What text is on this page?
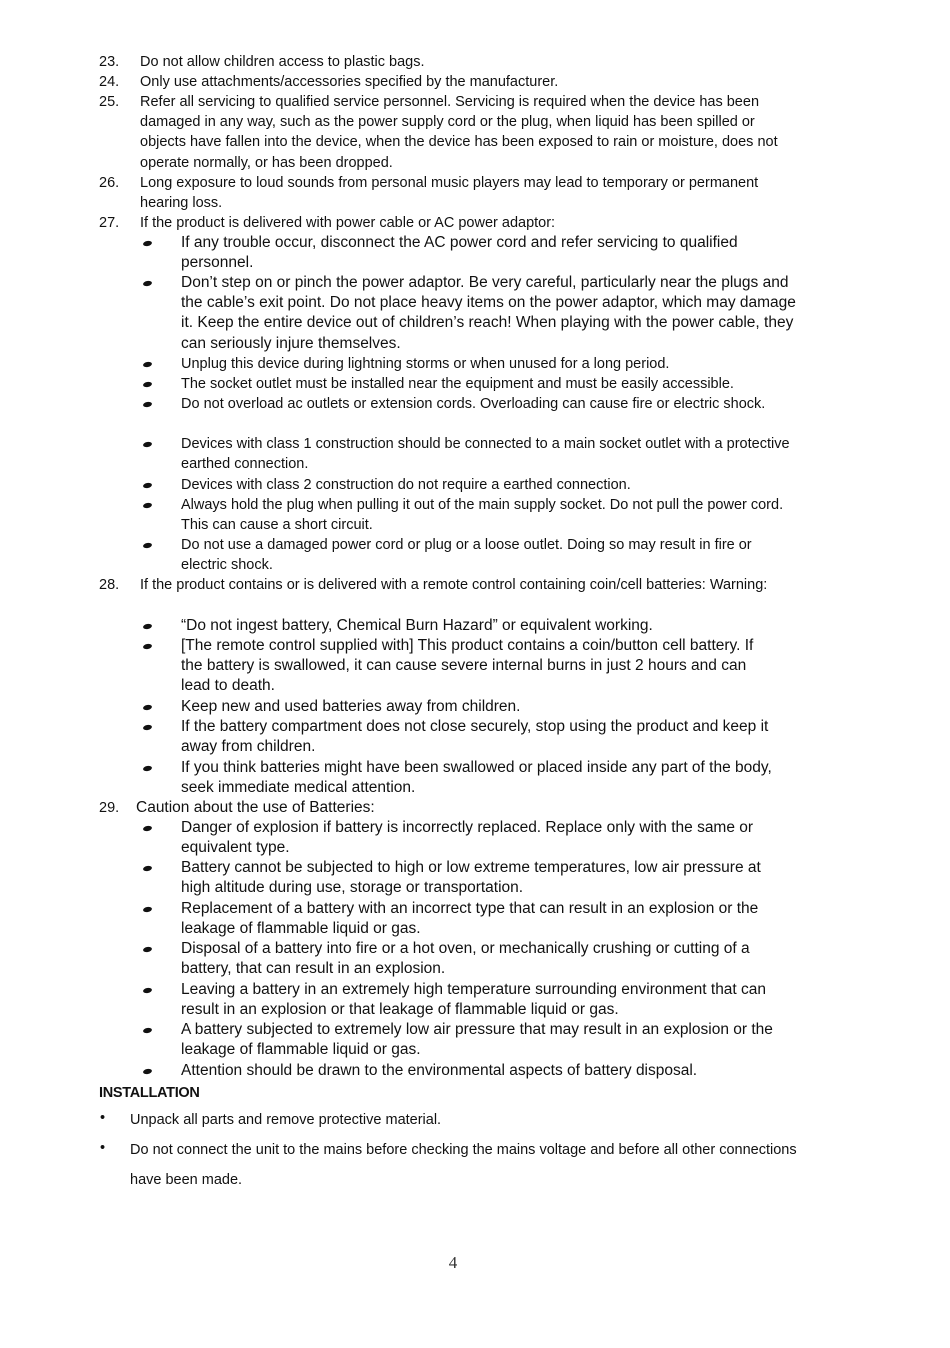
23. Do not allow children access to plastic bags.
24. Only use attachments/accessories specified by the manufacturer.
25. Refer all servicing to qualified service personnel. Servicing is required when the device has been damaged in any way, such as the power supply cord or the plug, when liquid has been spilled or objects have fallen into the device, when the device has been exposed to rain or moisture, does not operate normally, or has been dropped.
26. Long exposure to loud sounds from personal music players may lead to temporary or permanent hearing loss.
27. If the product is delivered with power cable or AC power adaptor:
If any trouble occur, disconnect the AC power cord and refer servicing to qualified personnel.
Don’t step on or pinch the power adaptor. Be very careful, particularly near the plugs and the cable’s exit point. Do not place heavy items on the power adaptor, which may damage it. Keep the entire device out of children’s reach! When playing with the power cable, they can seriously injure themselves.
Unplug this device during lightning storms or when unused for a long period.
The socket outlet must be installed near the equipment and must be easily accessible.
Do not overload ac outlets or extension cords. Overloading can cause fire or electric shock.
Devices with class 1 construction should be connected to a main socket outlet with a protective earthed connection.
Devices with class 2 construction do not require a earthed connection.
Always hold the plug when pulling it out of the main supply socket. Do not pull the power cord. This can cause a short circuit.
Do not use a damaged power cord or plug or a loose outlet. Doing so may result in fire or electric shock.
28. If the product contains or is delivered with a remote control containing coin/cell batteries: Warning:
“Do not ingest battery, Chemical Burn Hazard” or equivalent working.
[The remote control supplied with] This product contains a coin/button cell battery. If the battery is swallowed, it can cause severe internal burns in just 2 hours and can lead to death.
Keep new and used batteries away from children.
If the battery compartment does not close securely, stop using the product and keep it away from children.
If you think batteries might have been swallowed or placed inside any part of the body, seek immediate medical attention.
29. Caution about the use of Batteries:
Danger of explosion if battery is incorrectly replaced. Replace only with the same or equivalent type.
Battery cannot be subjected to high or low extreme temperatures, low air pressure at high altitude during use, storage or transportation.
Replacement of a battery with an incorrect type that can result in an explosion or the leakage of flammable liquid or gas.
Disposal of a battery into fire or a hot oven, or mechanically crushing or cutting of a battery, that can result in an explosion.
Leaving a battery in an extremely high temperature surrounding environment that can result in an explosion or that leakage of flammable liquid or gas.
A battery subjected to extremely low air pressure that may result in an explosion or the leakage of flammable liquid or gas.
Attention should be drawn to the environmental aspects of battery disposal.
INSTALLATION
• Unpack all parts and remove protective material.
• Do not connect the unit to the mains before checking the mains voltage and before all other connections have been made.
4
